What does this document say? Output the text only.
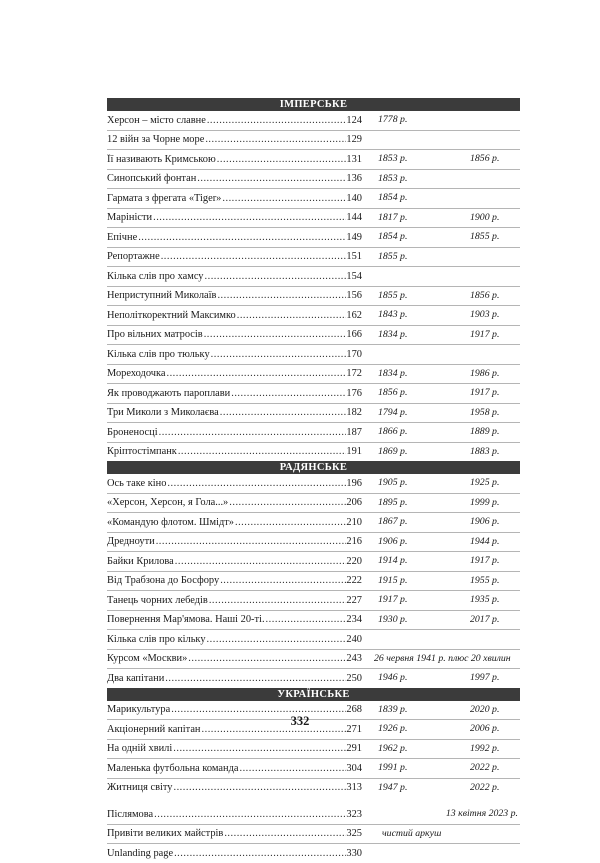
ІМПЕРСЬКЕ
Херсон – місто славне .....	124 1778 р.
12 війн за Чорне море .....	129
Її називають Кримською .....	131 1853 р.	1856 р.
Синопський фонтан .....	136 1853 р.
Гармата з фрегата «Tiger» .....	140 1854 р.
Маріністи .....	144 1817 р.	1900 р.
Епічне .....	149 1854 р.	1855 р.
Репортажне .....	151 1855 р.
Кілька слів про хамсу .....	154
Неприступний Миколаїв .....	156 1855 р.	1856 р.
Неполіткоректний Максимко .....	162 1843 р.	1903 р.
Про вільних матросів .....	166 1834 р.	1917 р.
Кілька слів про тюльку .....	170
Мореходочка .....	172 1834 р.	1986 р.
Як проводжають пароплави .....	176 1856 р.	1917 р.
Три Миколи з Миколаєва .....	182 1794 р.	1958 р.
Броненосці .....	187 1866 р.	1889 р.
Кріптостімпанк .....	191 1869 р.	1883 р.
РАДЯНСЬКЕ
Ось таке кіно .....	196 1905 р.	1925 р.
«Херсон, Херсон, я Гола...» .....	206 1895 р.	1999 р.
«Командую флотом. Шмідт» .....	210 1867 р.	1906 р.
Дредноути .....	216 1906 р.	1944 р.
Байки Крилова .....	220 1914 р.	1917 р.
Від Трабзона до Босфору .....	222 1915 р.	1955 р.
Танець чорних лебедів .....	227 1917 р.	1935 р.
Повернення Мар'ямова. Наші 20-ті. .....	234 1930 р.	2017 р.
Кілька слів про кільку .....	240
Курсом «Москви» .....	243 26 червня 1941 р. плюс 20 хвилин
Два капітани .....	250 1946 р.	1997 р.
УКРАЇНСЬКЕ
Марикультура .....	268 1839 р.	2020 р.
Акціонерний капітан .....	271 1926 р.	2006 р.
На одній хвилі .....	291 1962 р.	1992 р.
Маленька футбольна команда .....	304 1991 р.	2022 р.
Житниця світу .....	313 1947 р.	2022 р.
Післямова .....	323	13 квітня 2023 р.
Привіти великих майстрів .....	325 чистий аркуш
Unlanding page .....	330
332
